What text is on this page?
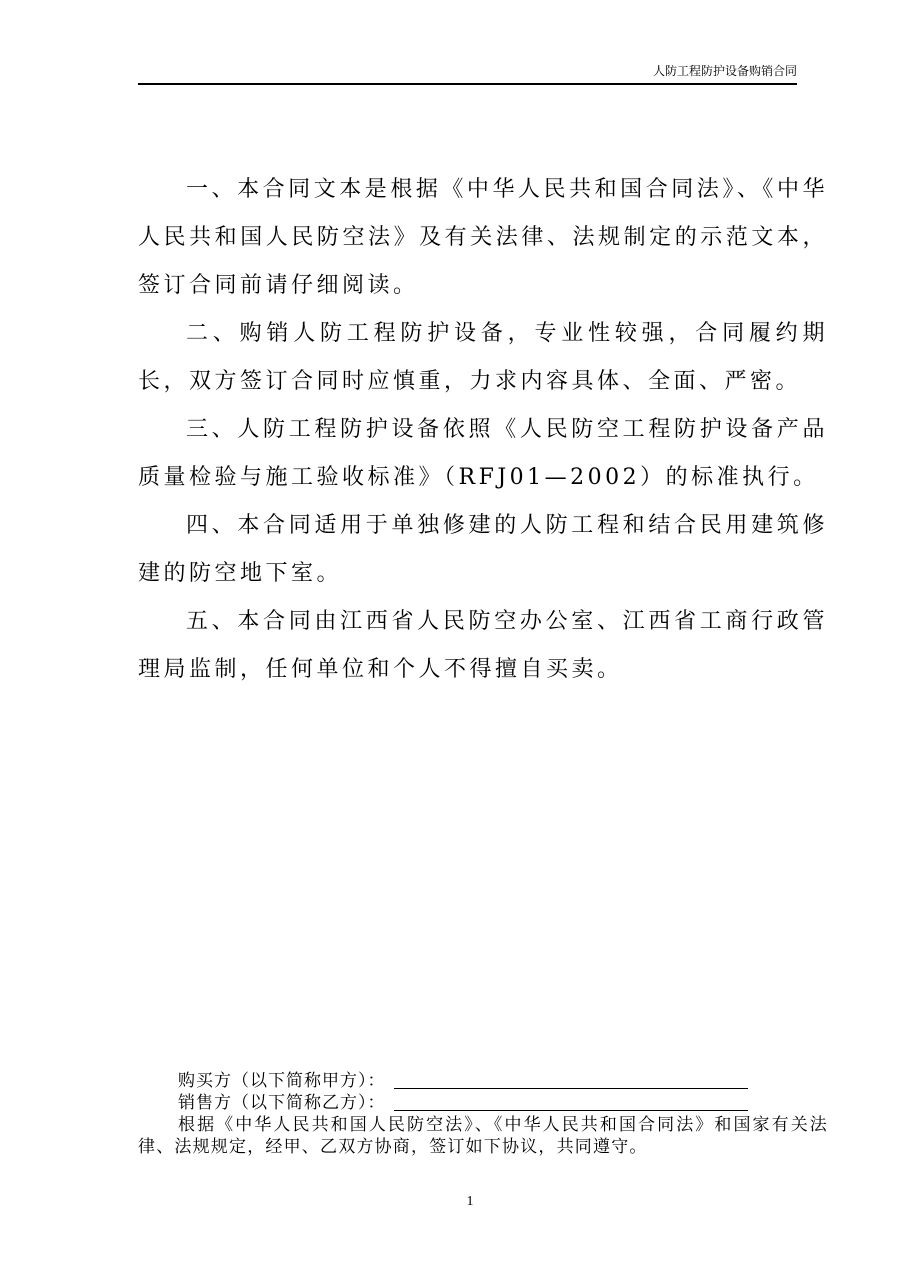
人防工程防护设备购销合同

一、本合同文本是根据《中华人民共和国合同法》、《中华人民共和国人民防空法》及有关法律、法规制定的示范文本，签订合同前请仔细阅读。

二、购销人防工程防护设备，专业性较强，合同履约期长，双方签订合同时应慎重，力求内容具体、全面、严密。

三、人防工程防护设备依照《人民防空工程防护设备产品质量检验与施工验收标准》（RFJ01—2002）的标准执行。

四、本合同适用于单独修建的人防工程和结合民用建筑修建的防空地下室。

五、本合同由江西省人民防空办公室、江西省工商行政管理局监制，任何单位和个人不得擅自买卖。

购买方（以下简称甲方）：
销售方（以下简称乙方）：

根据《中华人民共和国人民防空法》、《中华人民共和国合同法》和国家有关法律、法规规定，经甲、乙双方协商，签订如下协议，共同遵守。

1
